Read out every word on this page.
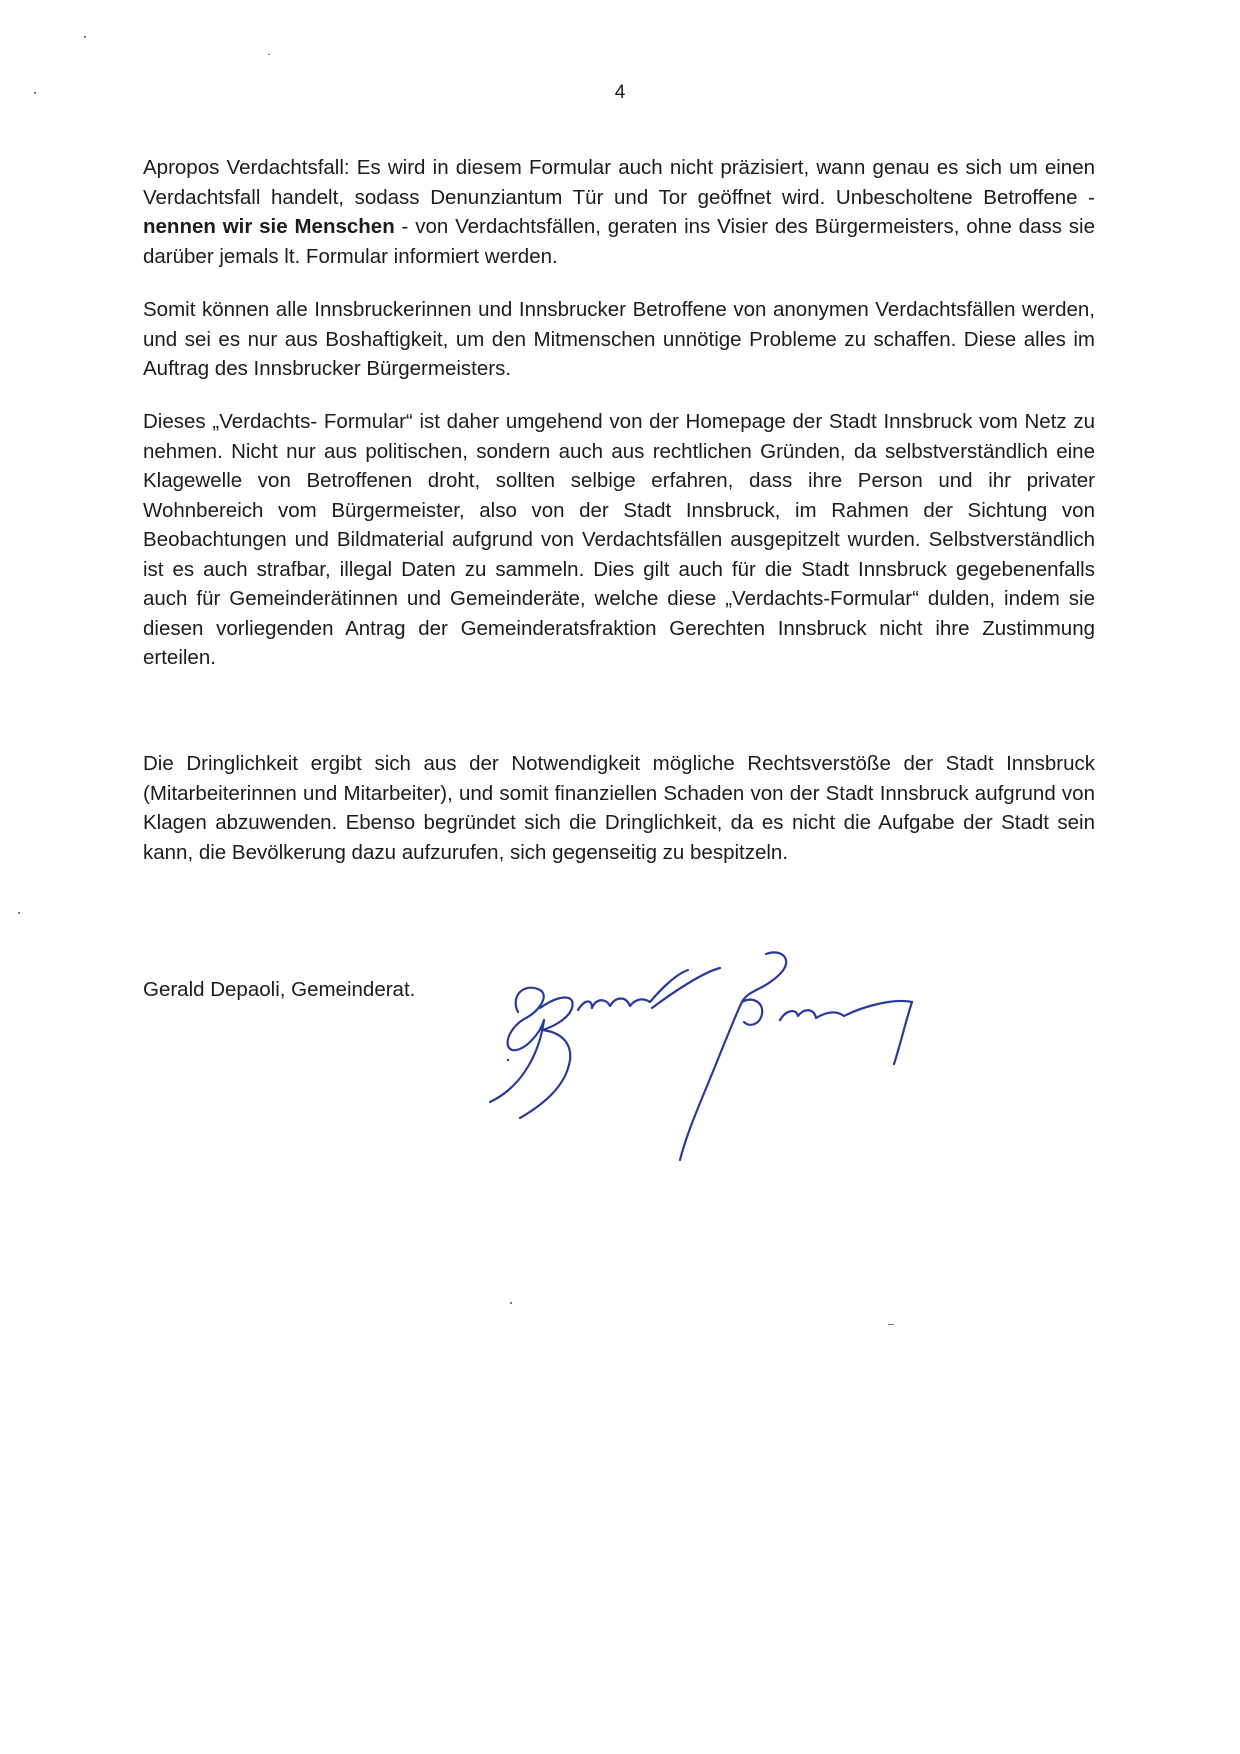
4

Apropos Verdachtsfall: Es wird in diesem Formular auch nicht präzisiert, wann genau es sich um einen Verdachtsfall handelt, sodass Denunziantum Tür und Tor geöffnet wird. Unbescholtene Betroffene - nennen wir sie Menschen - von Verdachtsfällen, geraten ins Visier des Bürgermeisters, ohne dass sie darüber jemals lt. Formular informiert werden.

Somit können alle Innsbruckerinnen und Innsbrucker Betroffene von anonymen Verdachtsfällen werden, und sei es nur aus Boshaftigkeit, um den Mitmenschen unnötige Probleme zu schaffen. Diese alles im Auftrag des Innsbrucker Bürgermeisters.

Dieses „Verdachts- Formular“ ist daher umgehend von der Homepage der Stadt Innsbruck vom Netz zu nehmen. Nicht nur aus politischen, sondern auch aus rechtlichen Gründen, da selbstverständlich eine Klagewelle von Betroffenen droht, sollten selbige erfahren, dass ihre Person und ihr privater Wohnbereich vom Bürgermeister, also von der Stadt Innsbruck, im Rahmen der Sichtung von Beobachtungen und Bildmaterial aufgrund von Verdachtsfällen ausgepitzelt wurden. Selbstverständlich ist es auch strafbar, illegal Daten zu sammeln. Dies gilt auch für die Stadt Innsbruck gegebenenfalls auch für Gemeinderätinnen und Gemeinderäte, welche diese „Verdachts-Formular“ dulden, indem sie diesen vorliegenden Antrag der Gemeinderatsfraktion Gerechten Innsbruck nicht ihre Zustimmung erteilen.

Die Dringlichkeit ergibt sich aus der Notwendigkeit mögliche Rechtsverstöße der Stadt Innsbruck (Mitarbeiterinnen und Mitarbeiter), und somit finanziellen Schaden von der Stadt Innsbruck aufgrund von Klagen abzuwenden. Ebenso begründet sich die Dringlichkeit, da es nicht die Aufgabe der Stadt sein kann, die Bevölkerung dazu aufzurufen, sich gegenseitig zu bespitzeln.

Gerald Depaoli, Gemeinderat.
